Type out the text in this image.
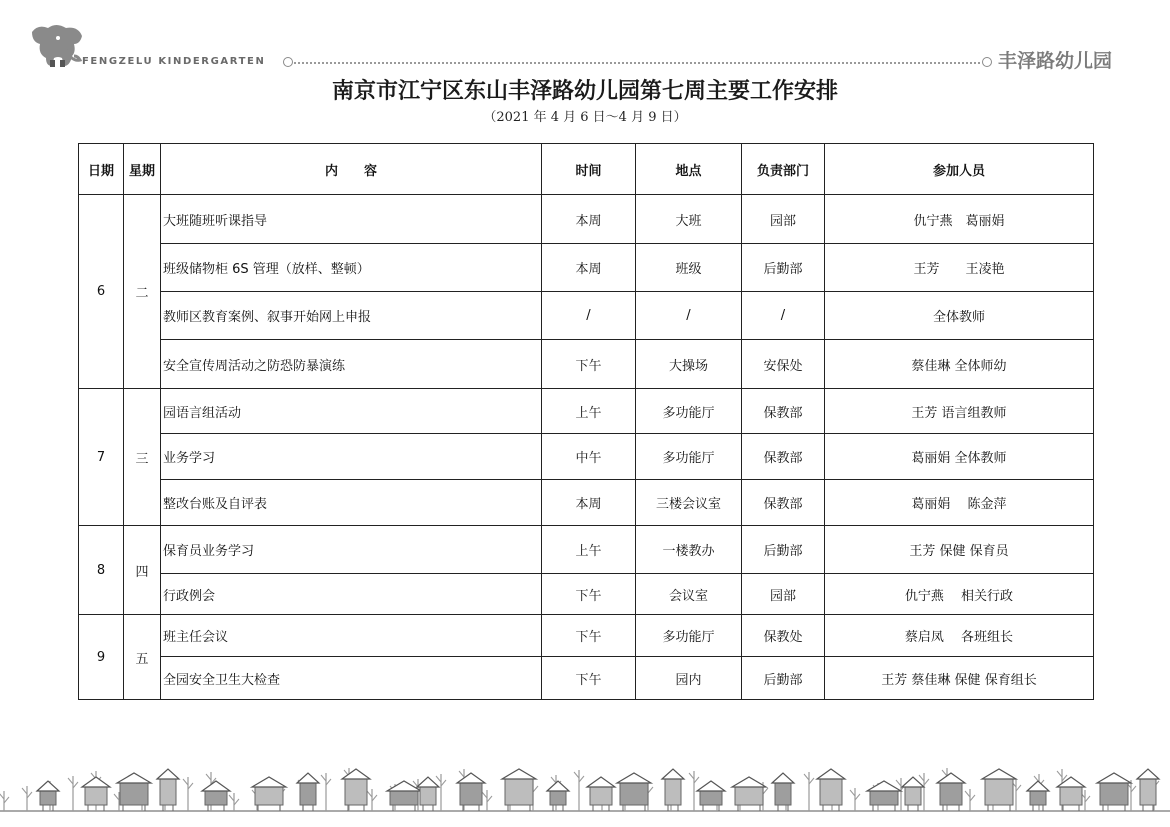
FENGZELU KINDERGARTEN	丰泽路幼儿园
南京市江宁区东山丰泽路幼儿园第七周主要工作安排
（2021 年 4 月 6 日～4 月 9 日）
日期	星期	内　　容	时间	地点	负责部门	参加人员
6	二	大班随班听课指导	本周	大班	园部	仇宁燕　葛丽娟
		班级储物柜 6S 管理（放样、整顿）	本周	班级	后勤部	王芳　　王凌艳
		教师区教育案例、叙事开始网上申报	/	/	/	全体教师
		安全宣传周活动之防恐防暴演练	下午	大操场	安保处	蔡佳琳 全体师幼
7	三	园语言组活动	上午	多功能厅	保教部	王芳 语言组教师
		业务学习	中午	多功能厅	保教部	葛丽娟 全体教师
		整改台账及自评表	本周	三楼会议室	保教部	葛丽娟　 陈金萍
8	四	保育员业务学习	上午	一楼教办	后勤部	王芳 保健 保育员
		行政例会	下午	会议室	园部	仇宁燕　 相关行政
9	五	班主任会议	下午	多功能厅	保教处	蔡启凤　 各班组长
		全园安全卫生大检查	下午	园内	后勤部	王芳 蔡佳琳 保健 保育组长
